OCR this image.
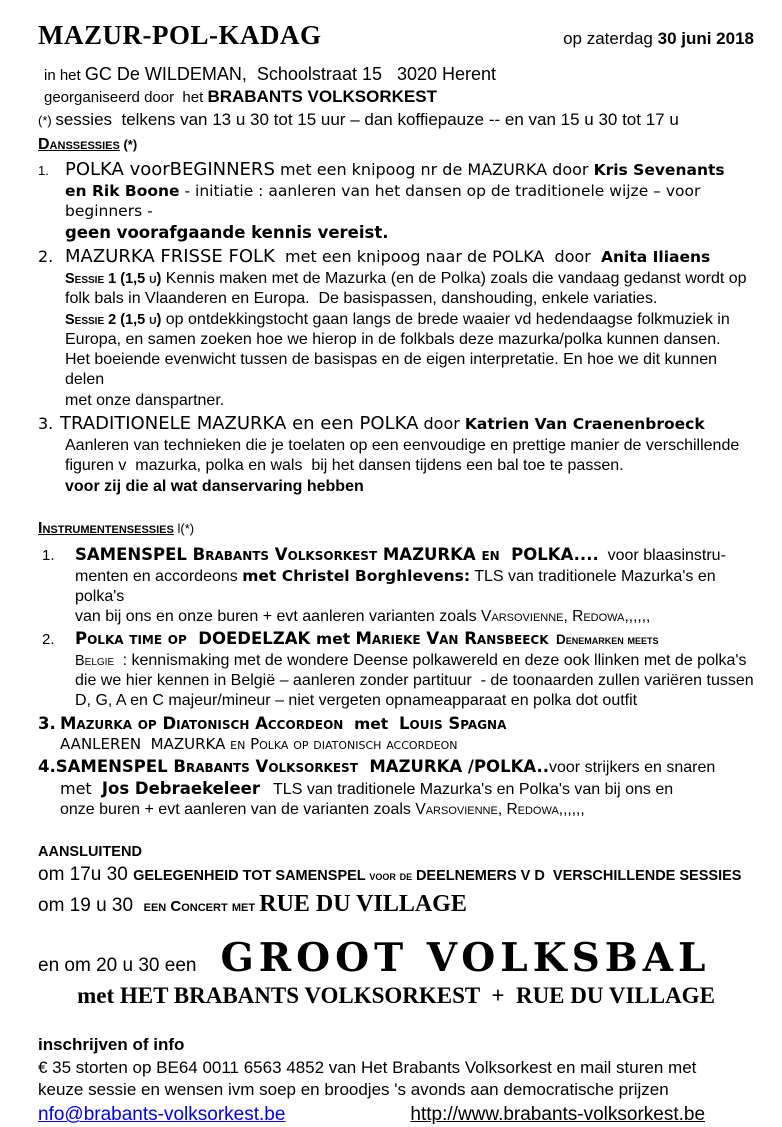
MAZUR-POL-KADAG	op zaterdag 30 juni 2018
in het GC De WILDEMAN,  Schoolstraat 15   3020 Herent
georganiseerd door  het BRABANTS VOLKSORKEST
(*) sessies  telkens van 13 u 30 tot 15 uur – dan koffiepauze -- en van 15 u 30 tot 17 u
Danssessies (*)
1. POLKA voorBEGINNERS met een knipoog nr de MAZURKA door Kris Sevenants
en Rik Boone - initiatie : aanleren van het dansen op de traditionele wijze – voor beginners -
geen voorafgaande kennis vereist.
2. MAZURKA FRISSE FOLK  met een knipoog naar de POLKA  door  Anita Iliaens
Sessie 1 (1,5 u) Kennis maken met de Mazurka (en de Polka) zoals die vandaag gedanst wordt op
folk bals in Vlaanderen en Europa.  De basispassen, danshouding, enkele variaties.
Sessie 2 (1,5 u) op ontdekkingstocht gaan langs de brede waaier vd hedendaagse folkmuziek in
Europa, en samen zoeken hoe we hierop in de folkbals deze mazurka/polka kunnen dansen.
Het boeiende evenwicht tussen de basispas en de eigen interpretatie. En hoe we dit kunnen delen
met onze danspartner.
3. TRADITIONELE MAZURKA en een POLKA door Katrien Van Craenenbroeck
Aanleren van technieken die je toelaten op een eenvoudige en prettige manier de verschillende
figuren v  mazurka, polka en wals  bij het dansen tijdens een bal toe te passen.
voor zij die al wat danservaring hebben
Instrumentensessies l(*)
1. SAMENSPEL Brabants Volksorkest MAZURKA en  POLKA....  voor blaasinstru-
menten en accordeons met Christel Borghlevens: TLS van traditionele Mazurka's en polka's
van bij ons en onze buren + evt aanleren varianten zoals Varsovienne, Redowa,,,,,,
2. Polka time op  DOEDELZAK met Marieke Van Ransbeeck  Denemarken meets
Belgie  : kennismaking met de wondere Deense polkawereld en deze ook llinken met de polka's
die we hier kennen in België – aanleren zonder partituur  - de toonaarden zullen variëren tussen
D, G, A en C majeur/mineur – niet vergeten opnameapparaat en polka dot outfit
3. Mazurka op Diatonisch Accordeon  met  Louis Spagna
AANLEREN  MAZURKA en Polka op diatonisch accordeon
4.SAMENSPEL Brabants Volksorkest  MAZURKA /POLKA..voor strijkers en snaren
met  Jos Debraekeleer   TLS van traditionele Mazurka's en Polka's van bij ons en
onze buren + evt aanleren van de varianten zoals Varsovienne, Redowa,,,,,,
AANSLUITEND
om 17u 30 GELEGENHEID TOT SAMENSPEL voor de DEELNEMERS V D  VERSCHILLENDE SESSIES
om 19 u 30  een Concert met RUE DU VILLAGE
en om 20 u 30 een GROOT VOLKSBAL
met HET BRABANTS VOLKSORKEST  +  RUE DU VILLAGE
inschrijven of info
€ 35 storten op BE64 0011 6563 4852 van Het Brabants Volksorkest en mail sturen met
keuze sessie en wensen ivm soep en broodjes 's avonds aan democratische prijzen
nfo@brabants-volksorkest.be	http://www.brabants-volksorkest.be
